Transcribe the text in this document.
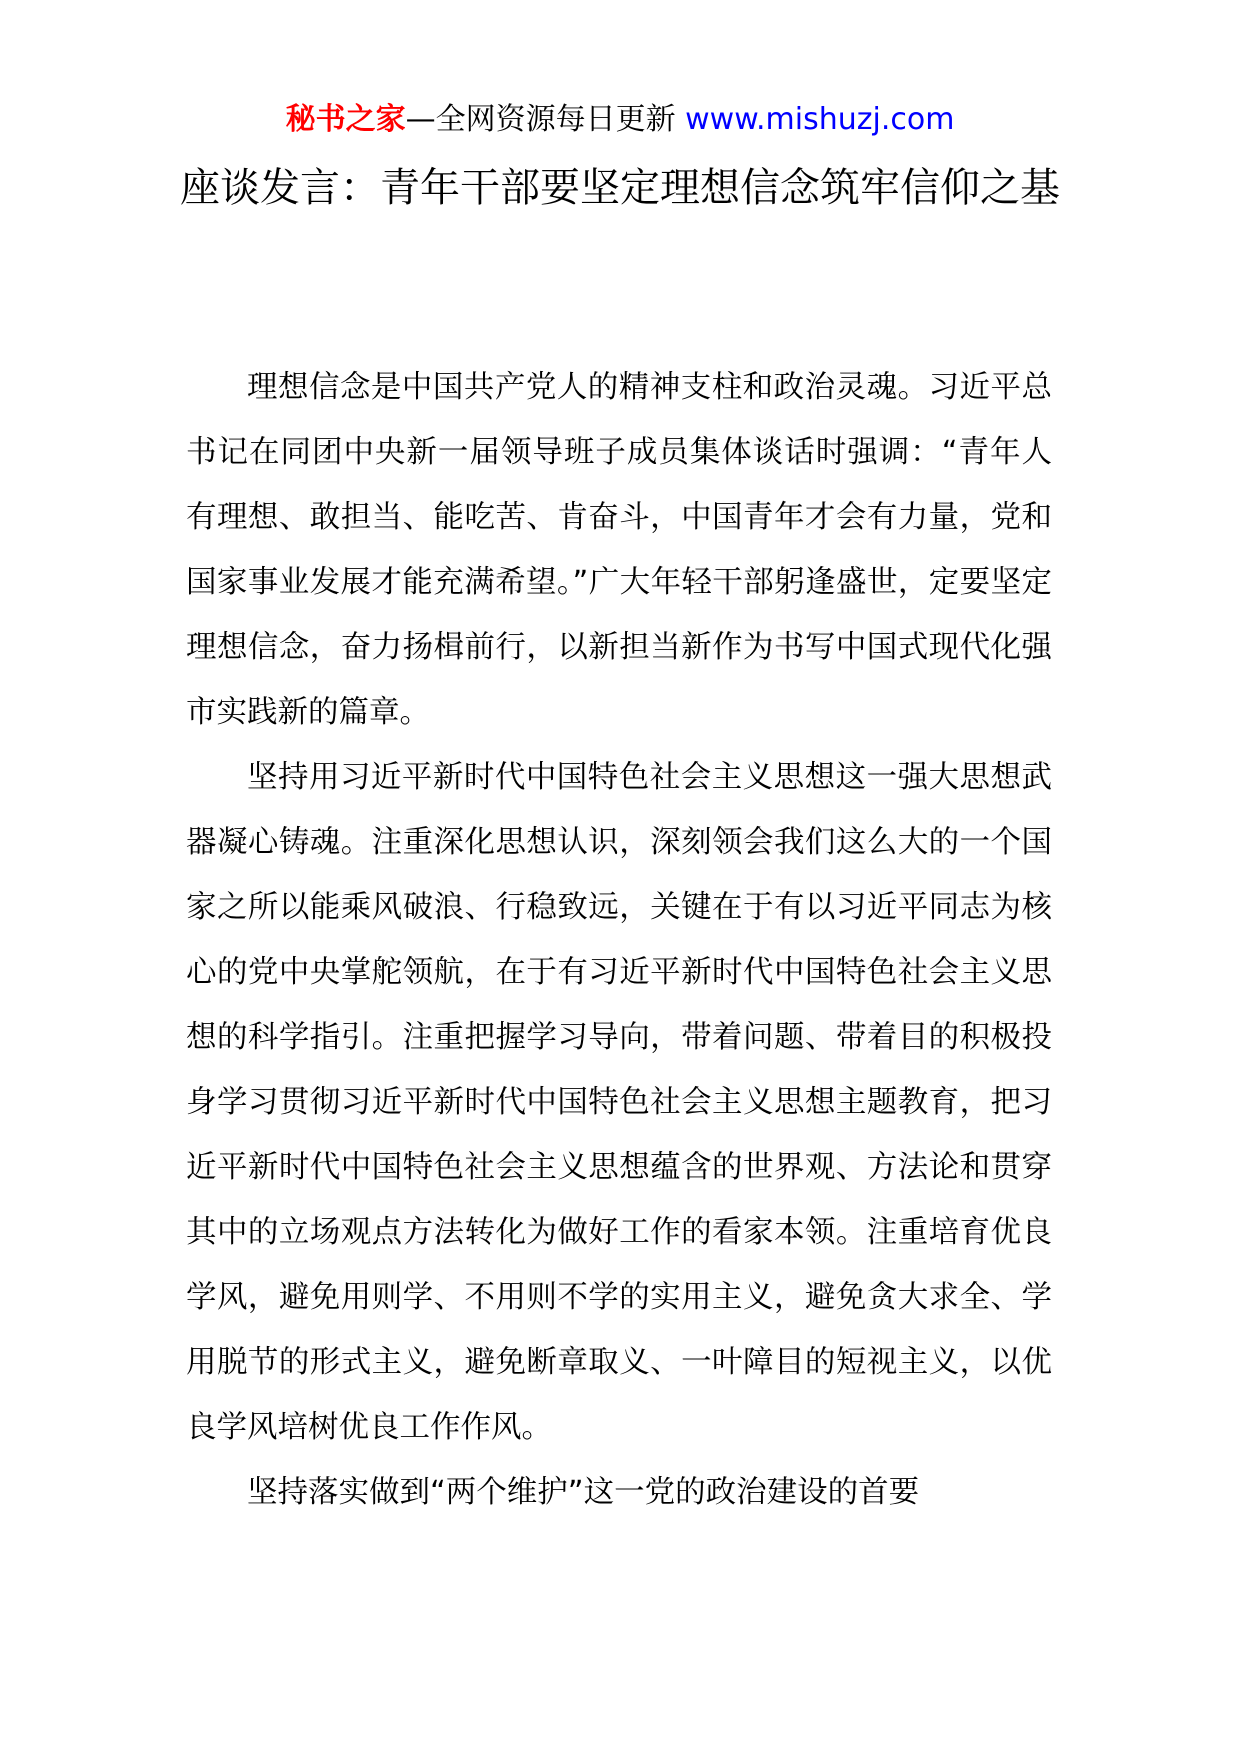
秘书之家—全网资源每日更新 www.mishuzj.com
座谈发言：青年干部要坚定理想信念筑牢信仰之基

理想信念是中国共产党人的精神支柱和政治灵魂。习近平总书记在同团中央新一届领导班子成员集体谈话时强调：“青年人有理想、敢担当、能吃苦、肯奋斗，中国青年才会有力量，党和国家事业发展才能充满希望。”广大年轻干部躬逢盛世，定要坚定理想信念，奋力扬楫前行，以新担当新作为书写中国式现代化强市实践新的篇章。

坚持用习近平新时代中国特色社会主义思想这一强大思想武器凝心铸魂。注重深化思想认识，深刻领会我们这么大的一个国家之所以能乘风破浪、行稳致远，关键在于有以习近平同志为核心的党中央掌舵领航，在于有习近平新时代中国特色社会主义思想的科学指引。注重把握学习导向，带着问题、带着目的积极投身学习贯彻习近平新时代中国特色社会主义思想主题教育，把习近平新时代中国特色社会主义思想蕴含的世界观、方法论和贯穿其中的立场观点方法转化为做好工作的看家本领。注重培育优良学风，避免用则学、不用则不学的实用主义，避免贪大求全、学用脱节的形式主义，避免断章取义、一叶障目的短视主义，以优良学风培树优良工作作风。

坚持落实做到“两个维护”这一党的政治建设的首要
